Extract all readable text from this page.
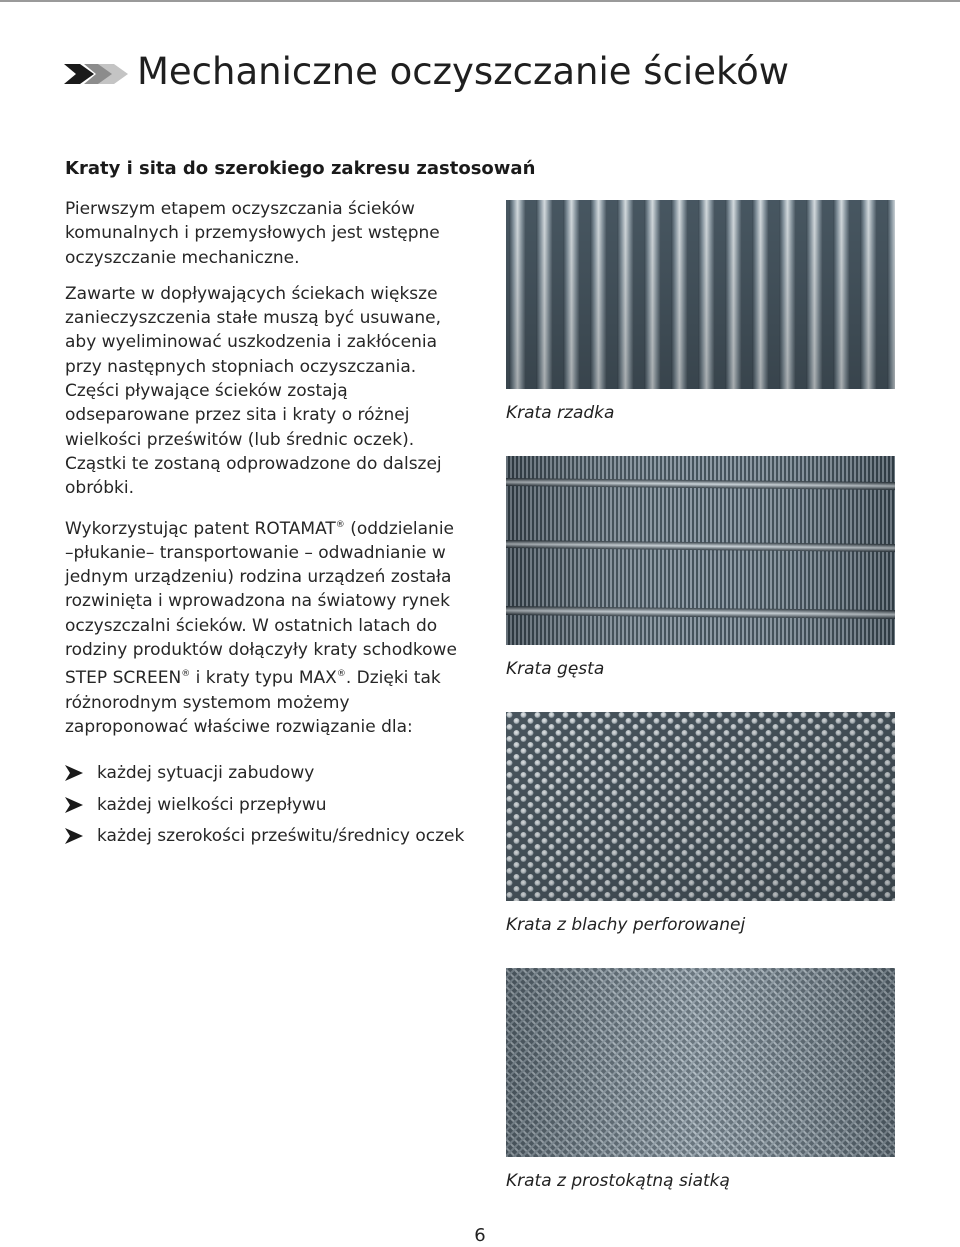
Mechaniczne oczyszczanie ścieków
Kraty i sita do szerokiego zakresu zastosowań

Pierwszym etapem oczyszczania ścieków komunalnych i przemysłowych jest wstępne oczyszczanie mechaniczne.

Zawarte w dopływających ściekach większe zanieczyszczenia stałe muszą być usuwane, aby wyeliminować uszkodzenia i zakłócenia przy następnych stopniach oczyszczania. Części pływające ścieków zostają odseparowane przez sita i kraty o różnej wielkości prześwitów (lub średnic oczek). Cząstki te zostaną odprowadzone do dalszej obróbki.

Wykorzystując patent ROTAMAT® (oddzielanie –płukanie– transportowanie – odwadnianie w jednym urządzeniu) rodzina urządzeń została rozwinięta i wprowadzona na światowy rynek oczyszczalni ścieków. W ostatnich latach do rodziny produktów dołączyły kraty schodkowe STEP SCREEN® i kraty typu MAX®. Dzięki tak różnorodnym systemom możemy zaproponować właściwe rozwiązanie dla:

każdej sytuacji zabudowy
każdej wielkości przepływu
każdej szerokości prześwitu/średnicy oczek
Krata rzadka
Krata gęsta
Krata z blachy perforowanej
Krata z prostokątną siatką
6
